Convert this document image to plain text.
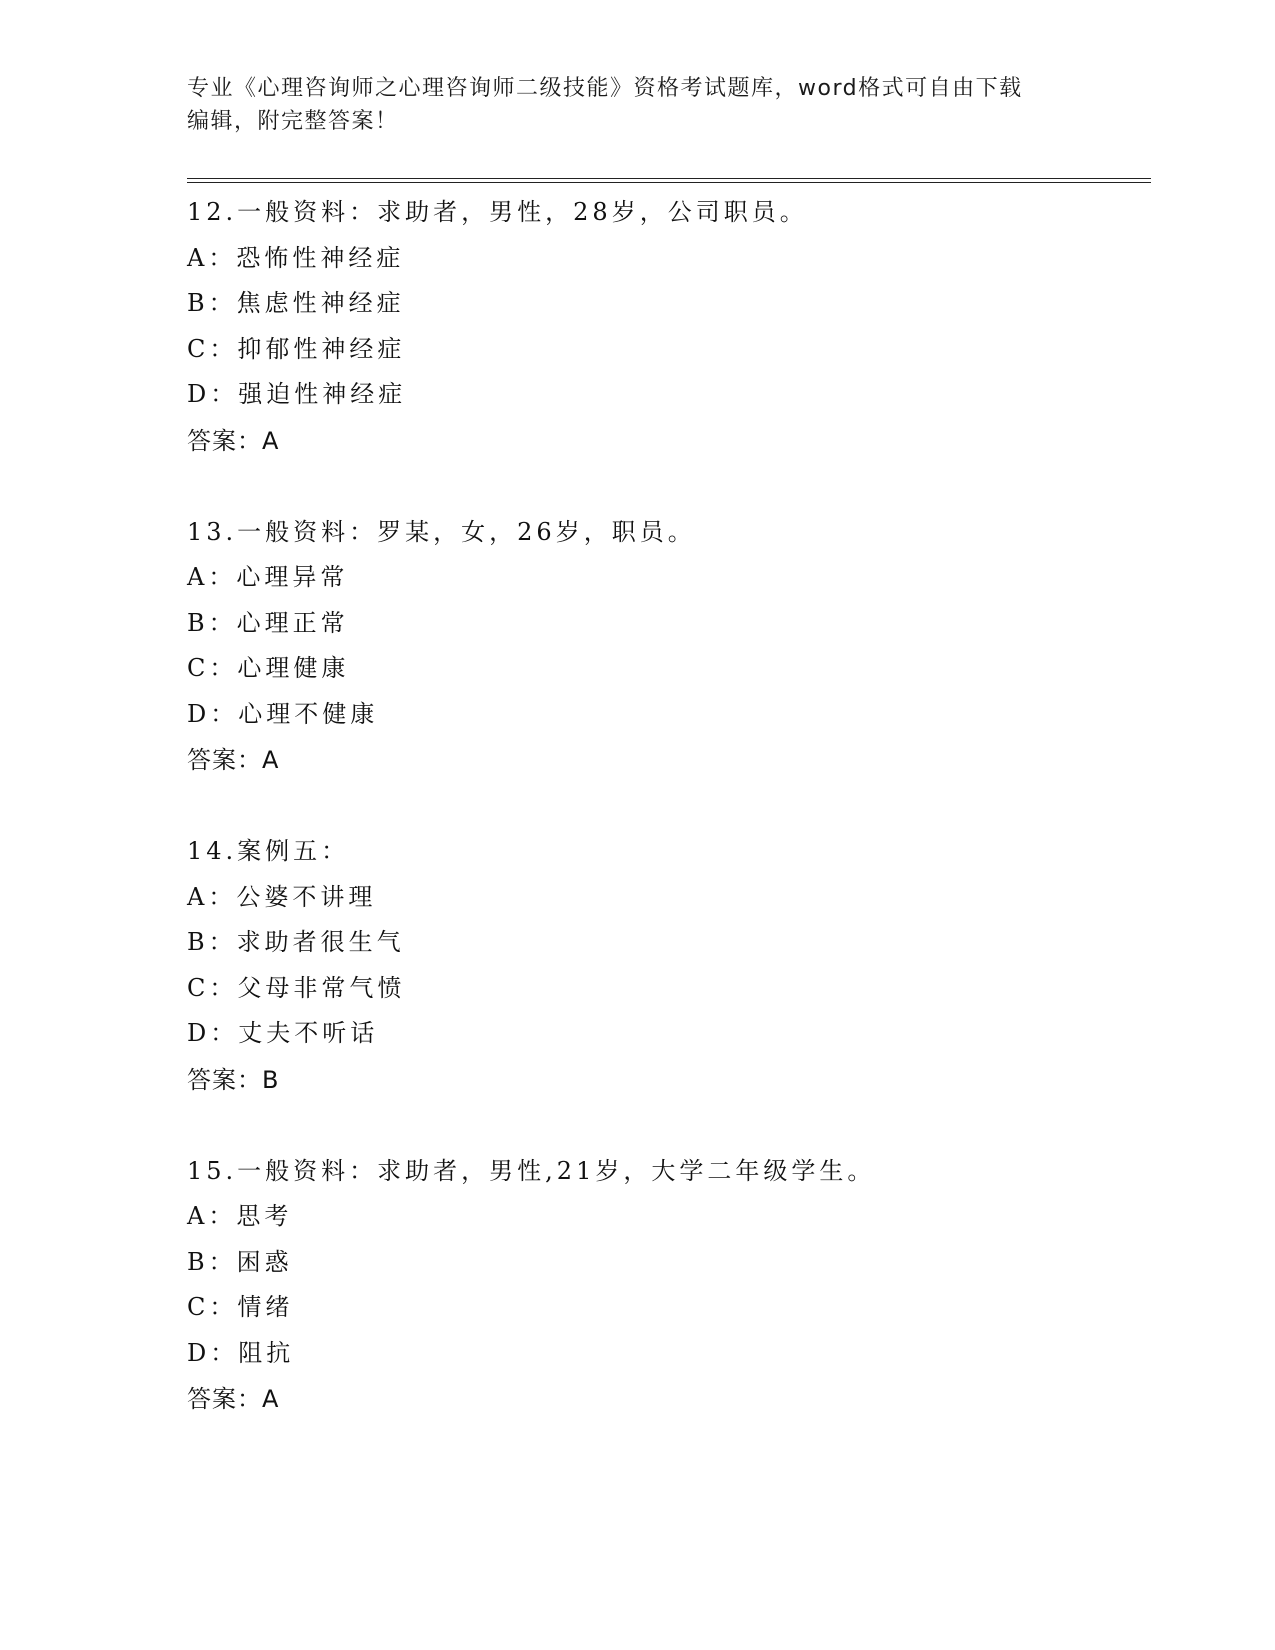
专业《心理咨询师之心理咨询师二级技能》资格考试题库，word格式可自由下载
编辑，附完整答案！
12.一般资料：求助者，男性，28岁，公司职员。
A：恐怖性神经症
B：焦虑性神经症
C：抑郁性神经症
D：强迫性神经症
答案：A
13.一般资料：罗某，女，26岁，职员。
A：心理异常
B：心理正常
C：心理健康
D：心理不健康
答案：A
14.案例五：
A：公婆不讲理
B：求助者很生气
C：父母非常气愤
D：丈夫不听话
答案：B
15.一般资料：求助者，男性,21岁，大学二年级学生。
A：思考
B：困惑
C：情绪
D：阻抗
答案：A
